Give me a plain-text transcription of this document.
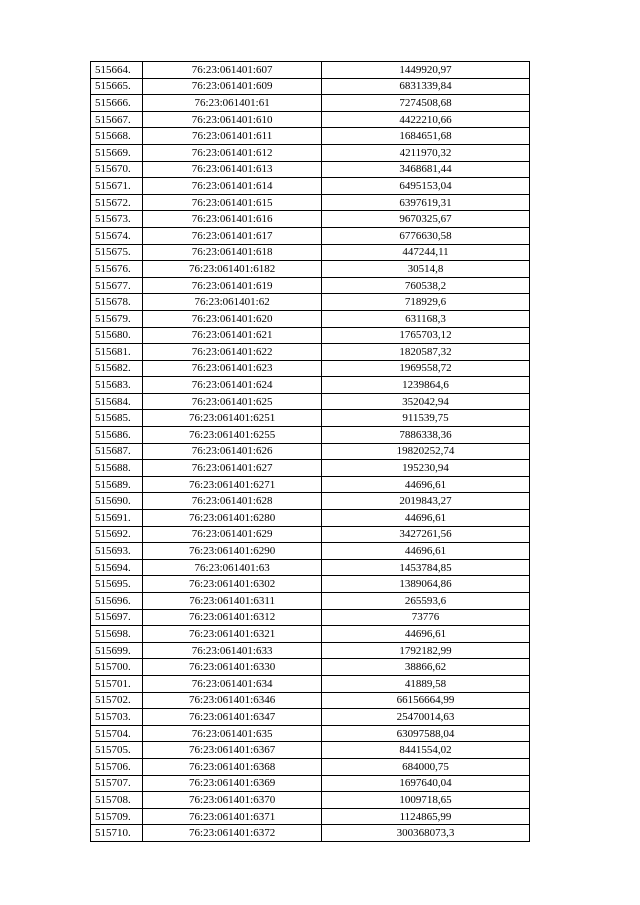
515664.	76:23:061401:607	1449920,97
515665.	76:23:061401:609	6831339,84
515666.	76:23:061401:61	7274508,68
515667.	76:23:061401:610	4422210,66
515668.	76:23:061401:611	1684651,68
515669.	76:23:061401:612	4211970,32
515670.	76:23:061401:613	3468681,44
515671.	76:23:061401:614	6495153,04
515672.	76:23:061401:615	6397619,31
515673.	76:23:061401:616	9670325,67
515674.	76:23:061401:617	6776630,58
515675.	76:23:061401:618	447244,11
515676.	76:23:061401:6182	30514,8
515677.	76:23:061401:619	760538,2
515678.	76:23:061401:62	718929,6
515679.	76:23:061401:620	631168,3
515680.	76:23:061401:621	1765703,12
515681.	76:23:061401:622	1820587,32
515682.	76:23:061401:623	1969558,72
515683.	76:23:061401:624	1239864,6
515684.	76:23:061401:625	352042,94
515685.	76:23:061401:6251	911539,75
515686.	76:23:061401:6255	7886338,36
515687.	76:23:061401:626	19820252,74
515688.	76:23:061401:627	195230,94
515689.	76:23:061401:6271	44696,61
515690.	76:23:061401:628	2019843,27
515691.	76:23:061401:6280	44696,61
515692.	76:23:061401:629	3427261,56
515693.	76:23:061401:6290	44696,61
515694.	76:23:061401:63	1453784,85
515695.	76:23:061401:6302	1389064,86
515696.	76:23:061401:6311	265593,6
515697.	76:23:061401:6312	73776
515698.	76:23:061401:6321	44696,61
515699.	76:23:061401:633	1792182,99
515700.	76:23:061401:6330	38866,62
515701.	76:23:061401:634	41889,58
515702.	76:23:061401:6346	66156664,99
515703.	76:23:061401:6347	25470014,63
515704.	76:23:061401:635	63097588,04
515705.	76:23:061401:6367	8441554,02
515706.	76:23:061401:6368	684000,75
515707.	76:23:061401:6369	1697640,04
515708.	76:23:061401:6370	1009718,65
515709.	76:23:061401:6371	1124865,99
515710.	76:23:061401:6372	300368073,3
